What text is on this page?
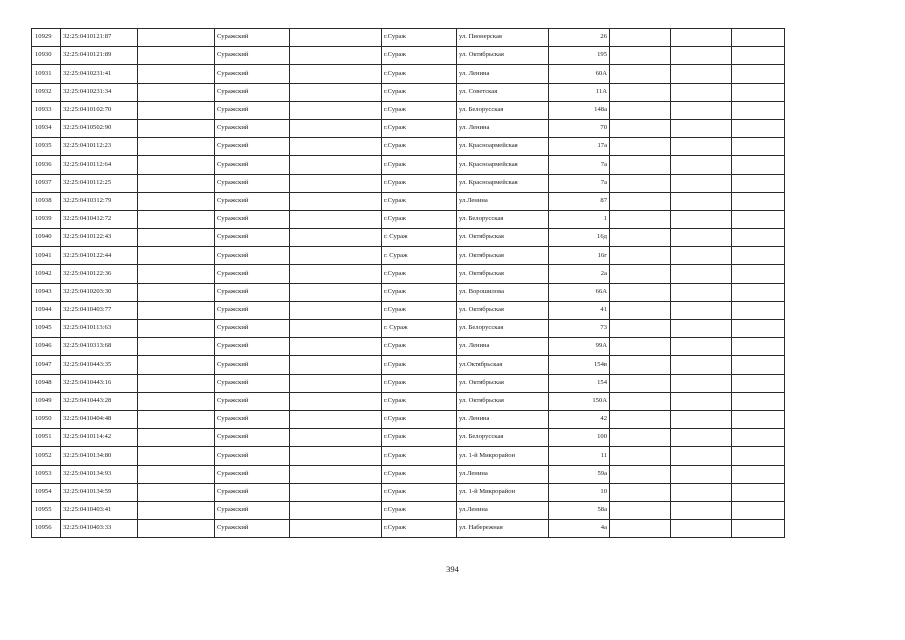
10929	32:25:0410121:87		Суражский		г.Сураж	ул. Пионерская	26			
10930	32:25:0410121:89		Суражский		г.Сураж	ул. Октябрьская	195			
10931	32:25:0410231:41		Суражский		г.Сураж	ул. Ленина	60А			
10932	32:25:0410231:34		Суражский		г.Сураж	ул. Советская	11А			
10933	32:25:0410102:70		Суражский		г.Сураж	ул. Белорусская	148а			
10934	32:25:0410502:90		Суражский		г.Сураж	ул. Ленина	70			
10935	32:25:0410112:23		Суражский		г.Сураж	ул. Красноармейская	17а			
10936	32:25:0410112:64		Суражский		г.Сураж	ул. Красноармейская	7а			
10937	32:25:0410112:25		Суражский		г.Сураж	ул. Красноармейская	7а			
10938	32:25:0410312:79		Суражский		г.Сураж	ул.Ленина	87			
10939	32:25:0410412:72		Суражский		г.Сураж	ул. Белорусская	1			
10940	32:25:0410122:43		Суражский		г. Сураж	ул. Октябрьская	16д			
10941	32:25:0410122:44		Суражский		г. Сураж	ул. Октябрьская	16г			
10942	32:25:0410122:36		Суражский		г.Сураж	ул. Октябрьская	2а			
10943	32:25:0410203:30		Суражский		г.Сураж	ул. Ворошилова	66А			
10944	32:25:0410403:77		Суражский		г.Сураж	ул. Октябрьская	41			
10945	32:25:0410113:63		Суражский		г. Сураж	ул. Белорусская	73			
10946	32:25:0410313:68		Суражский		г.Сураж	ул. Ленина	99А			
10947	32:25:0410443:35		Суражский		г.Сураж	ул.Октябрьская	154в			
10948	32:25:0410443:16		Суражский		г.Сураж	ул. Октябрьская	154			
10949	32:25:0410443:28		Суражский		г.Сураж	ул. Октябрьская	150А			
10950	32:25:0410404:48		Суражский		г.Сураж	ул. Ленина	42			
10951	32:25:0410114:42		Суражский		г.Сураж	ул. Белорусская	100			
10952	32:25:0410134:80		Суражский		г.Сураж	ул. 1-й Микрорайон	11			
10953	32:25:0410134:93		Суражский		г.Сураж	ул.Ленина	59а			
10954	32:25:0410134:59		Суражский		г.Сураж	ул. 1-й Микрорайон	10			
10955	32:25:0410403:41		Суражский		г.Сураж	ул.Ленина	58а			
10956	32:25:0410403:33		Суражский		г.Сураж	ул. Набережная	4а			
394
